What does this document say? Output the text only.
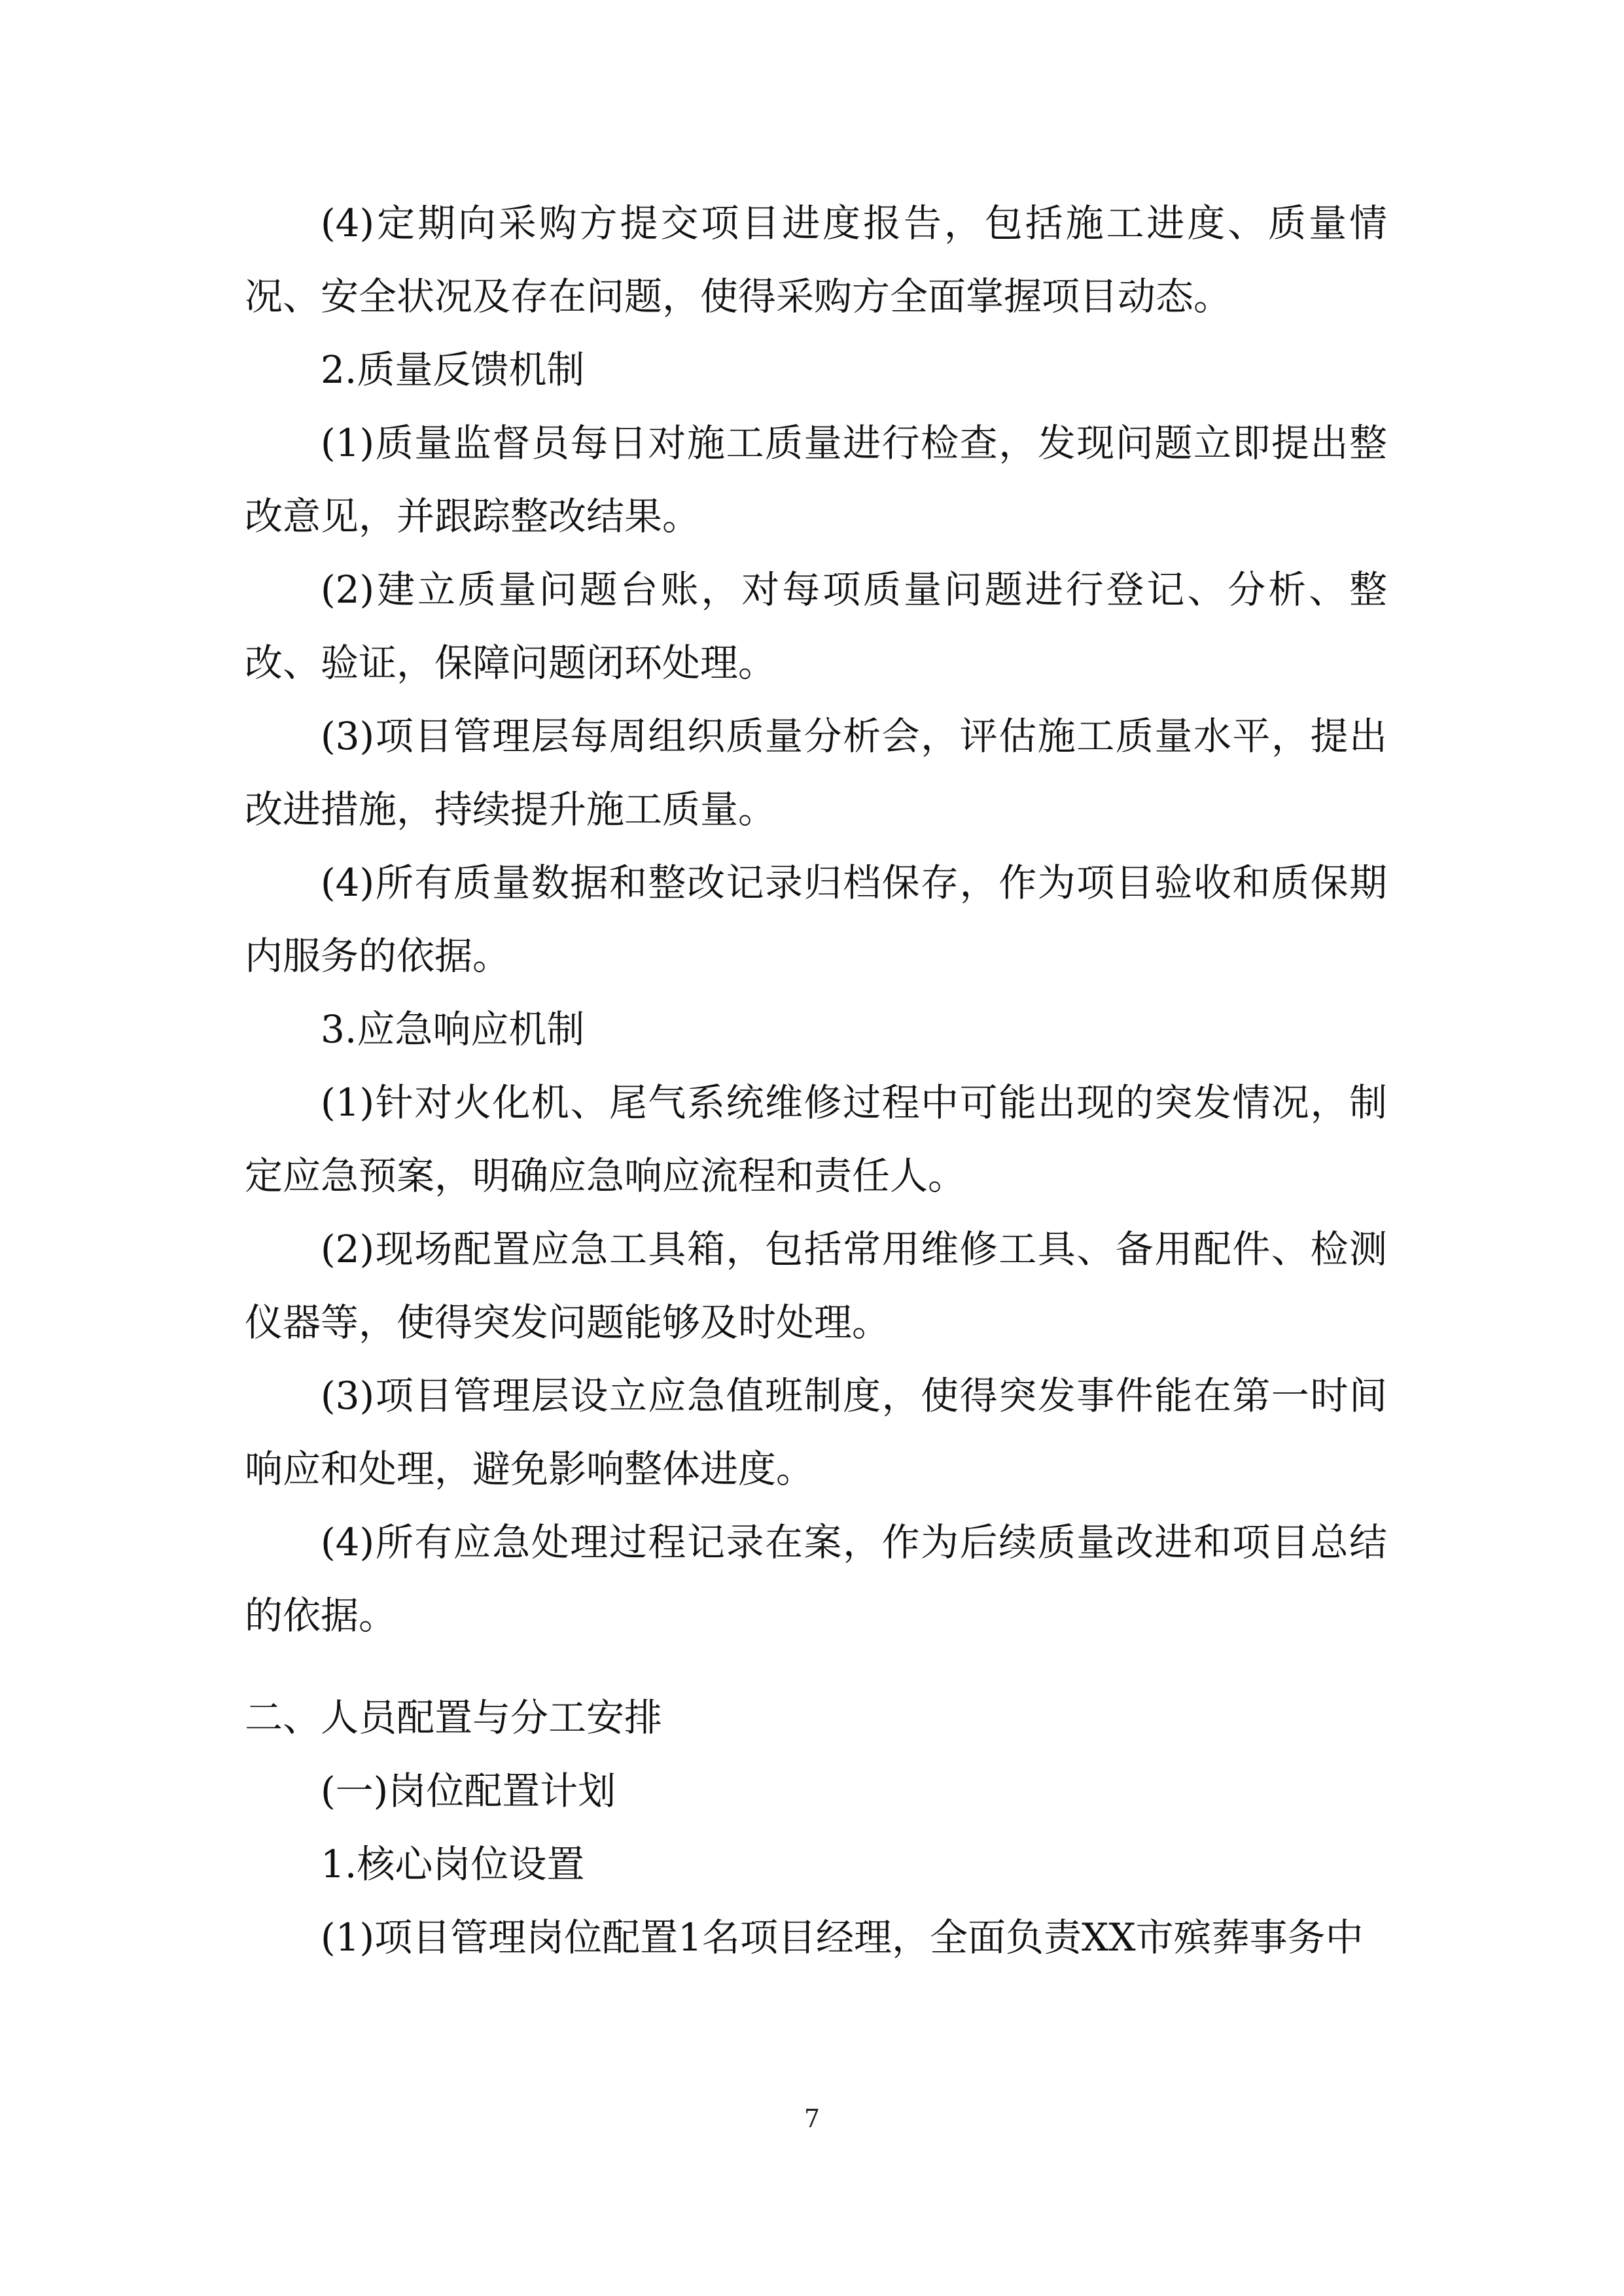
(4)定期向采购方提交项目进度报告，包括施工进度、质量情况、安全状况及存在问题，使得采购方全面掌握项目动态。

2.质量反馈机制

(1)质量监督员每日对施工质量进行检查，发现问题立即提出整改意见，并跟踪整改结果。

(2)建立质量问题台账，对每项质量问题进行登记、分析、整改、验证，保障问题闭环处理。

(3)项目管理层每周组织质量分析会，评估施工质量水平，提出改进措施，持续提升施工质量。

(4)所有质量数据和整改记录归档保存，作为项目验收和质保期内服务的依据。

3.应急响应机制

(1)针对火化机、尾气系统维修过程中可能出现的突发情况，制定应急预案，明确应急响应流程和责任人。

(2)现场配置应急工具箱，包括常用维修工具、备用配件、检测仪器等，使得突发问题能够及时处理。

(3)项目管理层设立应急值班制度，使得突发事件能在第一时间响应和处理，避免影响整体进度。

(4)所有应急处理过程记录在案，作为后续质量改进和项目总结的依据。

二、人员配置与分工安排

(一)岗位配置计划

1.核心岗位设置

(1)项目管理岗位配置1名项目经理，全面负责XX市殡葬事务中

7
